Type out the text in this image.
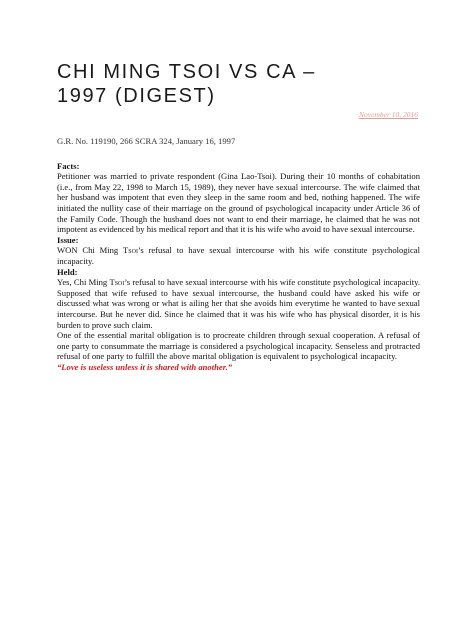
CHI MING TSOI VS CA –
1997 (DIGEST)
November 10, 2016

G.R. No. 119190, 266 SCRA 324, January 16, 1997

Facts:

Petitioner was married to private respondent (Gina Lao-Tsoi). During their 10 months of cohabitation (i.e., from May 22, 1998 to March 15, 1989), they never have sexual intercourse. The wife claimed that her husband was impotent that even they sleep in the same room and bed, nothing happened. The wife initiated the nullity case of their marriage on the ground of psychological incapacity under Article 36 of the Family Code. Though the husband does not want to end their marriage, he claimed that he was not impotent as evidenced by his medical report and that it is his wife who avoid to have sexual intercourse.

Issue:

WON Chi Ming Tsoi’s refusal to have sexual intercourse with his wife constitute psychological incapacity.

Held:

Yes, Chi Ming Tsoi’s refusal to have sexual intercourse with his wife constitute psychological incapacity. Supposed that wife refused to have sexual intercourse, the husband could have asked his wife or discussed what was wrong or what is ailing her that she avoids him everytime he wanted to have sexual intercourse. But he never did. Since he claimed that it was his wife who has physical disorder, it is his burden to prove such claim.

One of the essential marital obligation is to procreate children through sexual cooperation. A refusal of one party to consummate the marriage is considered a psychological incapacity. Senseless and protracted refusal of one party to fulfill the above marital obligation is equivalent to psychological incapacity.

“Love is useless unless it is shared with another.”
